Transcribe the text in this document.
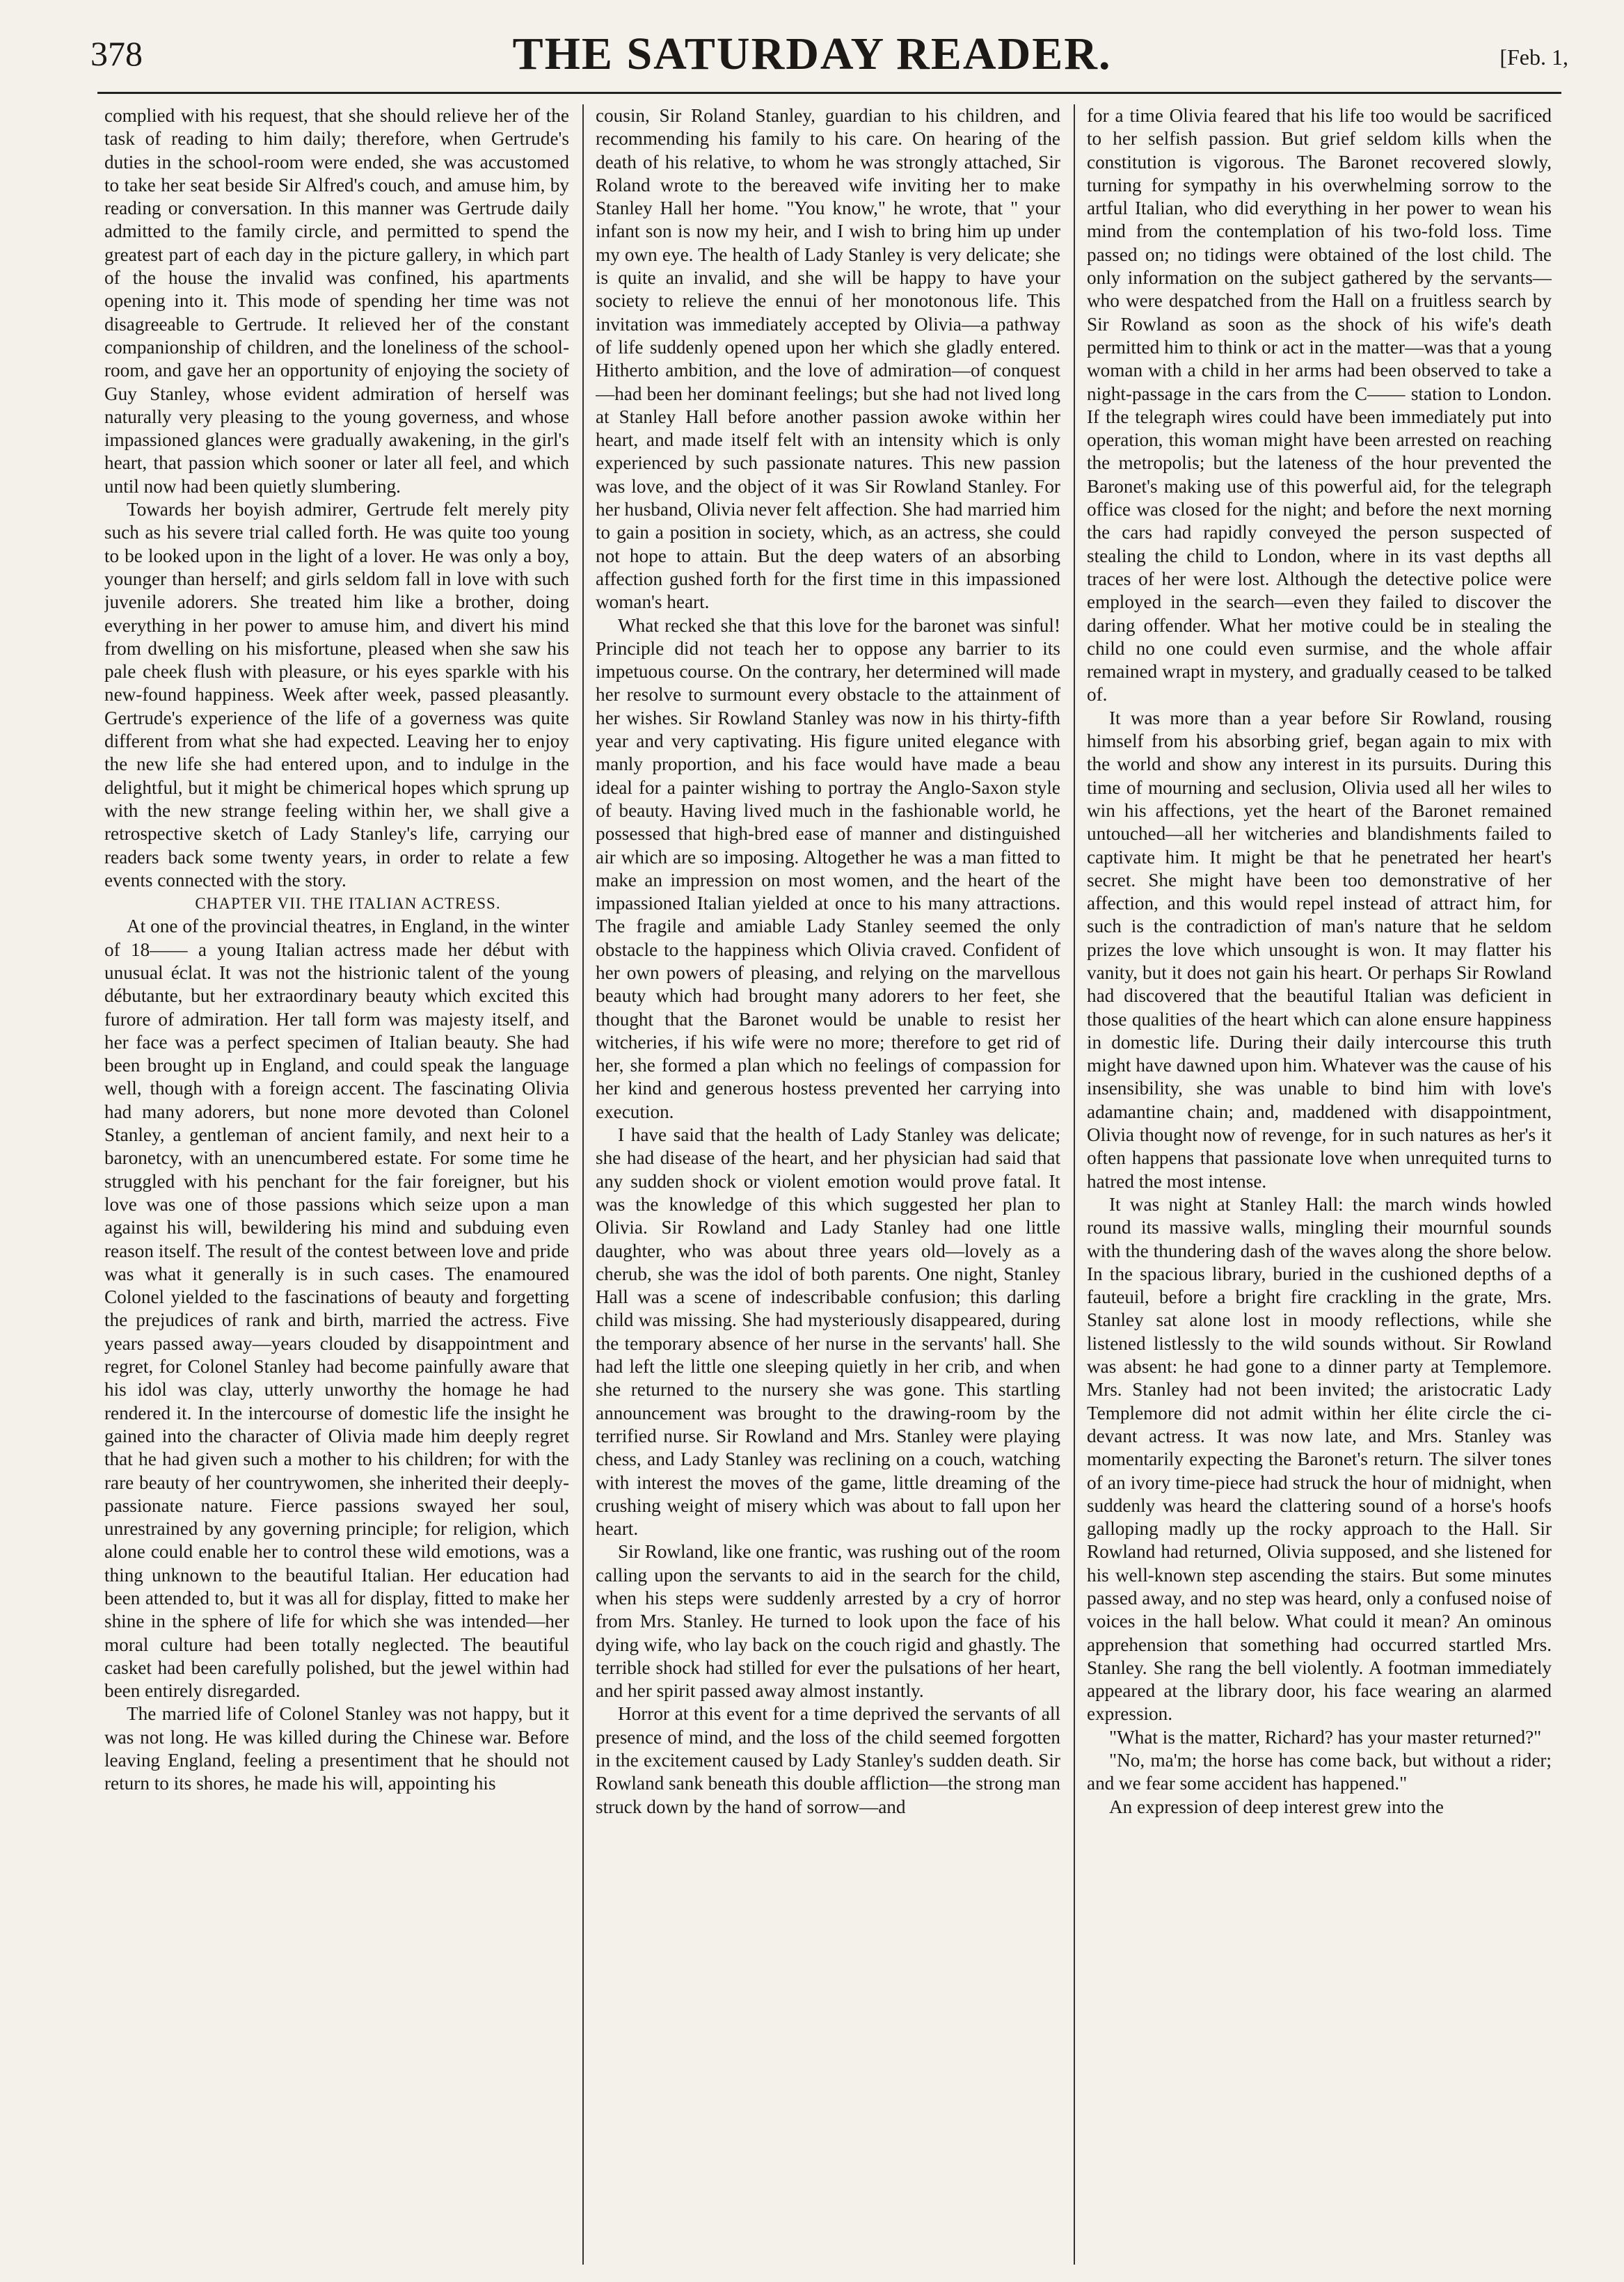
378	THE SATURDAY READER.	[Feb. 1,

complied with his request, that she should relieve her of the task of reading to him daily; therefore, when Gertrude's duties in the school-room were ended, she was accustomed to take her seat beside Sir Alfred's couch, and amuse him, by reading or conversation. In this manner was Gertrude daily admitted to the family circle, and permitted to spend the greatest part of each day in the picture gallery, in which part of the house the invalid was confined, his apartments opening into it. This mode of spending her time was not disagreeable to Gertrude. It relieved her of the constant companionship of children, and the loneliness of the school-room, and gave her an opportunity of enjoying the society of Guy Stanley, whose evident admiration of herself was naturally very pleasing to the young governess, and whose impassioned glances were gradually awakening, in the girl's heart, that passion which sooner or later all feel, and which until now had been quietly slumbering.

Towards her boyish admirer, Gertrude felt merely pity such as his severe trial called forth. He was quite too young to be looked upon in the light of a lover. He was only a boy, younger than herself; and girls seldom fall in love with such juvenile adorers. She treated him like a brother, doing everything in her power to amuse him, and divert his mind from dwelling on his misfortune, pleased when she saw his pale cheek flush with pleasure, or his eyes sparkle with his new-found happiness. Week after week, passed pleasantly. Gertrude's experience of the life of a governess was quite different from what she had expected. Leaving her to enjoy the new life she had entered upon, and to indulge in the delightful, but it might be chimerical hopes which sprung up with the new strange feeling within her, we shall give a retrospective sketch of Lady Stanley's life, carrying our readers back some twenty years, in order to relate a few events connected with the story.

CHAPTER VII. THE ITALIAN ACTRESS.

At one of the provincial theatres, in England, in the winter of 18—— a young Italian actress made her début with unusual éclat. It was not the histrionic talent of the young débutante, but her extraordinary beauty which excited this furore of admiration. Her tall form was majesty itself, and her face was a perfect specimen of Italian beauty. She had been brought up in England, and could speak the language well, though with a foreign accent. The fascinating Olivia had many adorers, but none more devoted than Colonel Stanley, a gentleman of ancient family, and next heir to a baronetcy, with an unencumbered estate. For some time he struggled with his penchant for the fair foreigner, but his love was one of those passions which seize upon a man against his will, bewildering his mind and subduing even reason itself. The result of the contest between love and pride was what it generally is in such cases. The enamoured Colonel yielded to the fascinations of beauty and forgetting the prejudices of rank and birth, married the actress. Five years passed away—years clouded by disappointment and regret, for Colonel Stanley had become painfully aware that his idol was clay, utterly unworthy the homage he had rendered it. In the intercourse of domestic life the insight he gained into the character of Olivia made him deeply regret that he had given such a mother to his children; for with the rare beauty of her countrywomen, she inherited their deeply-passionate nature. Fierce passions swayed her soul, unrestrained by any governing principle; for religion, which alone could enable her to control these wild emotions, was a thing unknown to the beautiful Italian. Her education had been attended to, but it was all for display, fitted to make her shine in the sphere of life for which she was intended—her moral culture had been totally neglected. The beautiful casket had been carefully polished, but the jewel within had been entirely disregarded.

The married life of Colonel Stanley was not happy, but it was not long. He was killed during the Chinese war. Before leaving England, feeling a presentiment that he should not return to its shores, he made his will, appointing his

cousin, Sir Roland Stanley, guardian to his children, and recommending his family to his care. On hearing of the death of his relative, to whom he was strongly attached, Sir Roland wrote to the bereaved wife inviting her to make Stanley Hall her home. "You know," he wrote, that " your infant son is now my heir, and I wish to bring him up under my own eye. The health of Lady Stanley is very delicate; she is quite an invalid, and she will be happy to have your society to relieve the ennui of her monotonous life. This invitation was immediately accepted by Olivia—a pathway of life suddenly opened upon her which she gladly entered. Hitherto ambition, and the love of admiration—of conquest—had been her dominant feelings; but she had not lived long at Stanley Hall before another passion awoke within her heart, and made itself felt with an intensity which is only experienced by such passionate natures. This new passion was love, and the object of it was Sir Rowland Stanley. For her husband, Olivia never felt affection. She had married him to gain a position in society, which, as an actress, she could not hope to attain. But the deep waters of an absorbing affection gushed forth for the first time in this impassioned woman's heart.

What recked she that this love for the baronet was sinful! Principle did not teach her to oppose any barrier to its impetuous course. On the contrary, her determined will made her resolve to surmount every obstacle to the attainment of her wishes. Sir Rowland Stanley was now in his thirty-fifth year and very captivating. His figure united elegance with manly proportion, and his face would have made a beau ideal for a painter wishing to portray the Anglo-Saxon style of beauty. Having lived much in the fashionable world, he possessed that high-bred ease of manner and distinguished air which are so imposing. Altogether he was a man fitted to make an impression on most women, and the heart of the impassioned Italian yielded at once to his many attractions. The fragile and amiable Lady Stanley seemed the only obstacle to the happiness which Olivia craved. Confident of her own powers of pleasing, and relying on the marvellous beauty which had brought many adorers to her feet, she thought that the Baronet would be unable to resist her witcheries, if his wife were no more; therefore to get rid of her, she formed a plan which no feelings of compassion for her kind and generous hostess prevented her carrying into execution.

I have said that the health of Lady Stanley was delicate; she had disease of the heart, and her physician had said that any sudden shock or violent emotion would prove fatal. It was the knowledge of this which suggested her plan to Olivia. Sir Rowland and Lady Stanley had one little daughter, who was about three years old—lovely as a cherub, she was the idol of both parents. One night, Stanley Hall was a scene of indescribable confusion; this darling child was missing. She had mysteriously disappeared, during the temporary absence of her nurse in the servants' hall. She had left the little one sleeping quietly in her crib, and when she returned to the nursery she was gone. This startling announcement was brought to the drawing-room by the terrified nurse. Sir Rowland and Mrs. Stanley were playing chess, and Lady Stanley was reclining on a couch, watching with interest the moves of the game, little dreaming of the crushing weight of misery which was about to fall upon her heart.

Sir Rowland, like one frantic, was rushing out of the room calling upon the servants to aid in the search for the child, when his steps were suddenly arrested by a cry of horror from Mrs. Stanley. He turned to look upon the face of his dying wife, who lay back on the couch rigid and ghastly. The terrible shock had stilled for ever the pulsations of her heart, and her spirit passed away almost instantly.

Horror at this event for a time deprived the servants of all presence of mind, and the loss of the child seemed forgotten in the excitement caused by Lady Stanley's sudden death. Sir Rowland sank beneath this double affliction—the strong man struck down by the hand of sorrow—and

for a time Olivia feared that his life too would be sacrificed to her selfish passion. But grief seldom kills when the constitution is vigorous. The Baronet recovered slowly, turning for sympathy in his overwhelming sorrow to the artful Italian, who did everything in her power to wean his mind from the contemplation of his two-fold loss. Time passed on; no tidings were obtained of the lost child. The only information on the subject gathered by the servants—who were despatched from the Hall on a fruitless search by Sir Rowland as soon as the shock of his wife's death permitted him to think or act in the matter—was that a young woman with a child in her arms had been observed to take a night-passage in the cars from the C—— station to London. If the telegraph wires could have been immediately put into operation, this woman might have been arrested on reaching the metropolis; but the lateness of the hour prevented the Baronet's making use of this powerful aid, for the telegraph office was closed for the night; and before the next morning the cars had rapidly conveyed the person suspected of stealing the child to London, where in its vast depths all traces of her were lost. Although the detective police were employed in the search—even they failed to discover the daring offender. What her motive could be in stealing the child no one could even surmise, and the whole affair remained wrapt in mystery, and gradually ceased to be talked of.

It was more than a year before Sir Rowland, rousing himself from his absorbing grief, began again to mix with the world and show any interest in its pursuits. During this time of mourning and seclusion, Olivia used all her wiles to win his affections, yet the heart of the Baronet remained untouched—all her witcheries and blandishments failed to captivate him. It might be that he penetrated her heart's secret. She might have been too demonstrative of her affection, and this would repel instead of attract him, for such is the contradiction of man's nature that he seldom prizes the love which unsought is won. It may flatter his vanity, but it does not gain his heart. Or perhaps Sir Rowland had discovered that the beautiful Italian was deficient in those qualities of the heart which can alone ensure happiness in domestic life. During their daily intercourse this truth might have dawned upon him. Whatever was the cause of his insensibility, she was unable to bind him with love's adamantine chain; and, maddened with disappointment, Olivia thought now of revenge, for in such natures as her's it often happens that passionate love when unrequited turns to hatred the most intense.

It was night at Stanley Hall: the march winds howled round its massive walls, mingling their mournful sounds with the thundering dash of the waves along the shore below. In the spacious library, buried in the cushioned depths of a fauteuil, before a bright fire crackling in the grate, Mrs. Stanley sat alone lost in moody reflections, while she listened listlessly to the wild sounds without. Sir Rowland was absent: he had gone to a dinner party at Templemore. Mrs. Stanley had not been invited; the aristocratic Lady Templemore did not admit within her élite circle the ci-devant actress. It was now late, and Mrs. Stanley was momentarily expecting the Baronet's return. The silver tones of an ivory time-piece had struck the hour of midnight, when suddenly was heard the clattering sound of a horse's hoofs galloping madly up the rocky approach to the Hall. Sir Rowland had returned, Olivia supposed, and she listened for his well-known step ascending the stairs. But some minutes passed away, and no step was heard, only a confused noise of voices in the hall below. What could it mean? An ominous apprehension that something had occurred startled Mrs. Stanley. She rang the bell violently. A footman immediately appeared at the library door, his face wearing an alarmed expression.

"What is the matter, Richard? has your master returned?"

"No, ma'm; the horse has come back, but without a rider; and we fear some accident has happened."

An expression of deep interest grew into the
